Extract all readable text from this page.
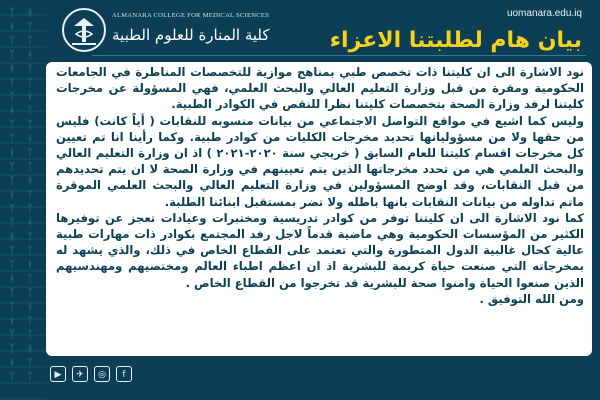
ᛉ
ᚼ
ᛘ
ᛉ
ᚼ
ᛘ
ᛉ
ᚼ
ᛘ
ᛉ
ᚼ
ᛘ
ᛉ
ᚼ
ᛘ
ᛉ
ᚼ
ᛘ
ᛉ
ᚼ
ᛘ
ᛉ
ᚼ
ᛘ
ᛉ
ᚼ
ᛘ
ᚼ
ᛘ
ᛉ
ᚼ
ᛘ
ᛉ
ᚼ
ᛘ
ᛉ
ᚼ
ᛘ
ᛉ
ᚼ
ᛘ
ᛉ
ᚼ
ᛘ
ᛉ
ᚼ
ᛘ
ᛉ
ᚼ
ᛘ
ᛉ
ᚼ
ᛘ
ᛉ
ALMANARA COLLEGE FOR MEDICAL SCIENCES
كلية المنارة للعلوم الطبية
uomanara.edu.iq
بيان هام لطلبتنا الاعزاء

نود الاشارة الى ان كليتنا ذات تخصص طبي بمناهج موازية للتخصصات المناظرة في الجامعات الحكومية ومقرة من قبل وزارة التعليم العالي والبحث العلمي، فهي المسؤولة عن مخرجات كليتنا لرفد وزارة الصحة بتخصصات كليتنا نظرا للنقص في الكوادر الطبية.

وليس كما اشيع في مواقع التواصل الاجتماعي من بيانات منسوبه للنقابات ( أياً كانت) فليس من حقها ولا من مسؤولياتها تحديد مخرجات الكليات من كوادر طبية. وكما رأينا انا تم تعيين كل مخرجات اقسام كليتنا للعام السابق ( خريجي سنة ٢٠٢٠-٢٠٢١ ) اذ ان وزارة التعليم العالي والبحث العلمي هي من تحدد مخرجاتها الذين يتم تعيينهم في وزارة الصحة لا ان يتم تحديدهم من قبل النقابات، وقد اوضح المسؤولين في وزارة التعليم العالي والبحث العلمي الموقرة ماتم تداوله من بيانات النقابات بانها باطله ولا تضر بمستقبل ابنائنا الطلبة.

كما نود الاشارة الى ان كليتنا توفر من كوادر تدريسية ومختبرات وعيادات تعجز عن توفيرها الكثير من المؤسسات الحكومية وهي ماضية قدماً لاجل رفد المجتمع بكوادر ذات مهارات طبية عالية كحال غالبية الدول المتطورة والتي تعتمد على القطاع الخاص في ذلك، والذي يشهد له بمخرجاته التي صنعت حياة كريمة للبشرية اذ ان اعظم اطباء العالم ومختصيهم ومهندسيهم الذين صنعوا الحياة وامنوا صحة للبشرية قد تخرجوا من القطاع الخاص .

ومن الله التوفيق .

▶	✈	◎	f
